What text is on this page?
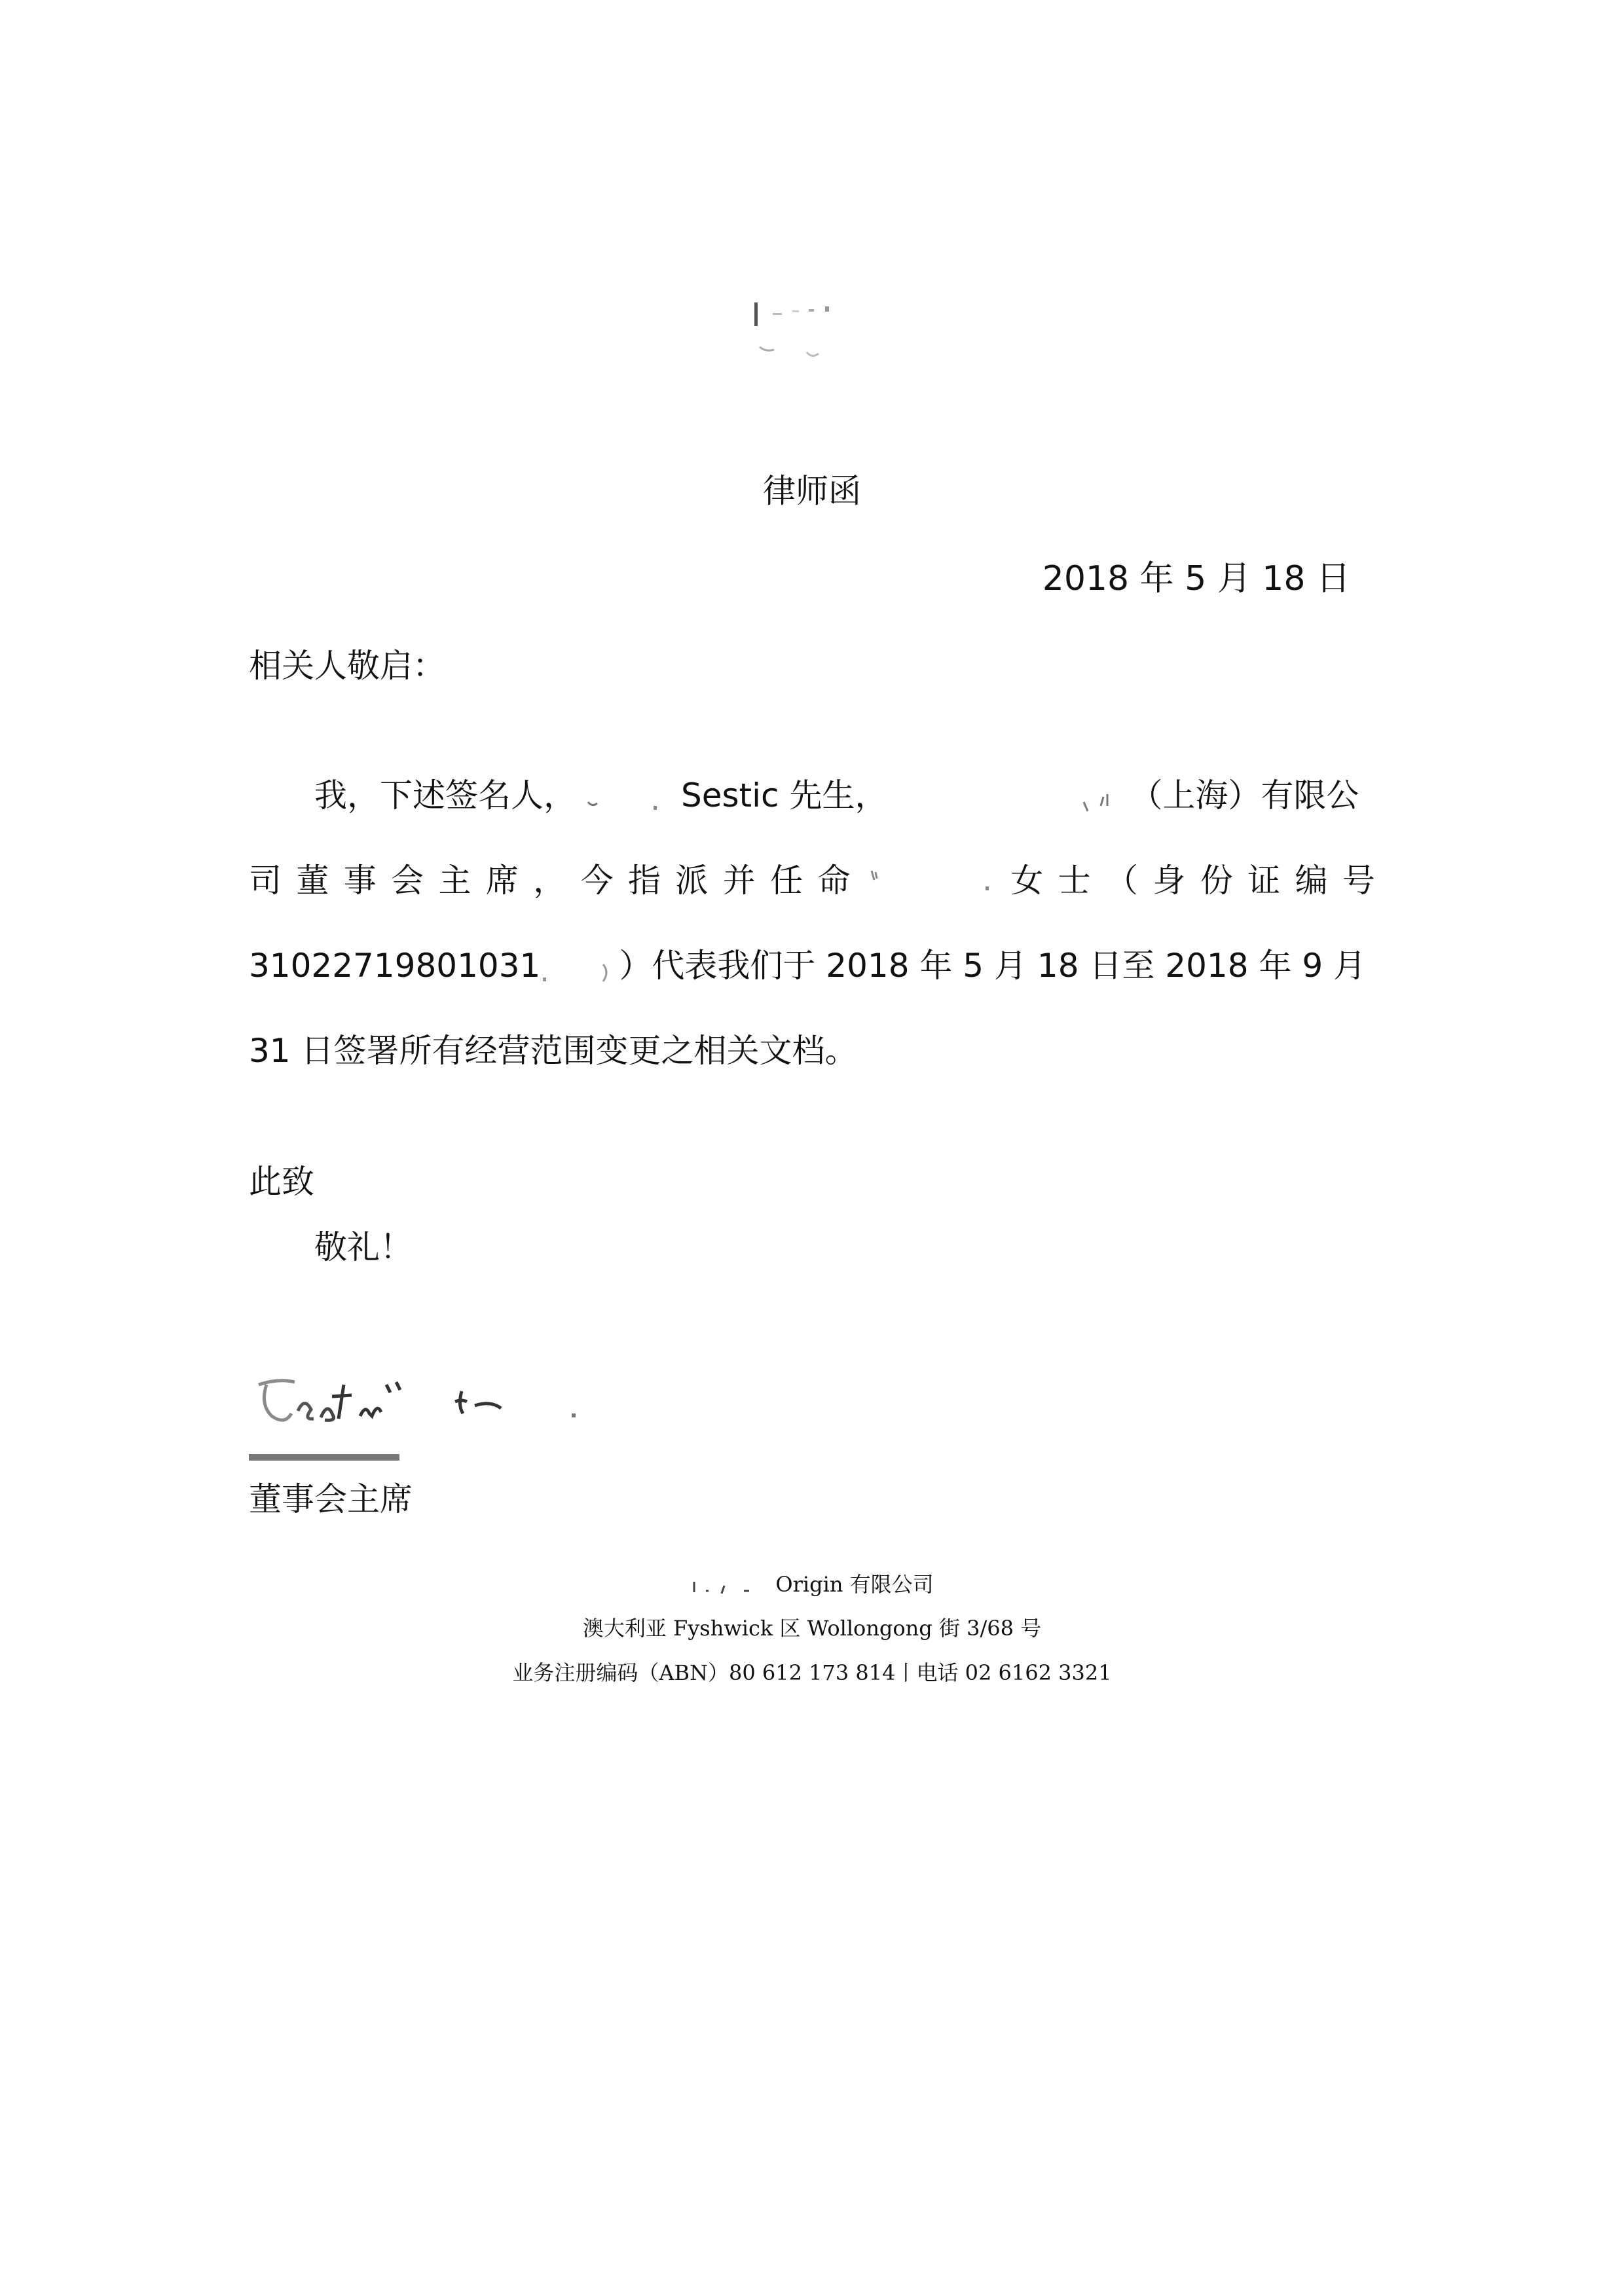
律师函
2018 年 5 月 18 日
相关人敬启：
我，下述签名人，	Sestic 先生，	（上海）有限公
司 董 事 会 主 席 ， 今 指 派 并 任 命	女 士 （ 身 份 证 编 号
31022719801031 ）代表我们于 2018 年 5 月 18 日至 2018 年 9 月
31 日签署所有经营范围变更之相关文档。
此致
敬礼！
董事会主席
Origin 有限公司
澳大利亚 Fyshwick 区 Wollongong 街 3/68 号
业务注册编码（ABN）80 612 173 814丨电话 02 6162 3321
